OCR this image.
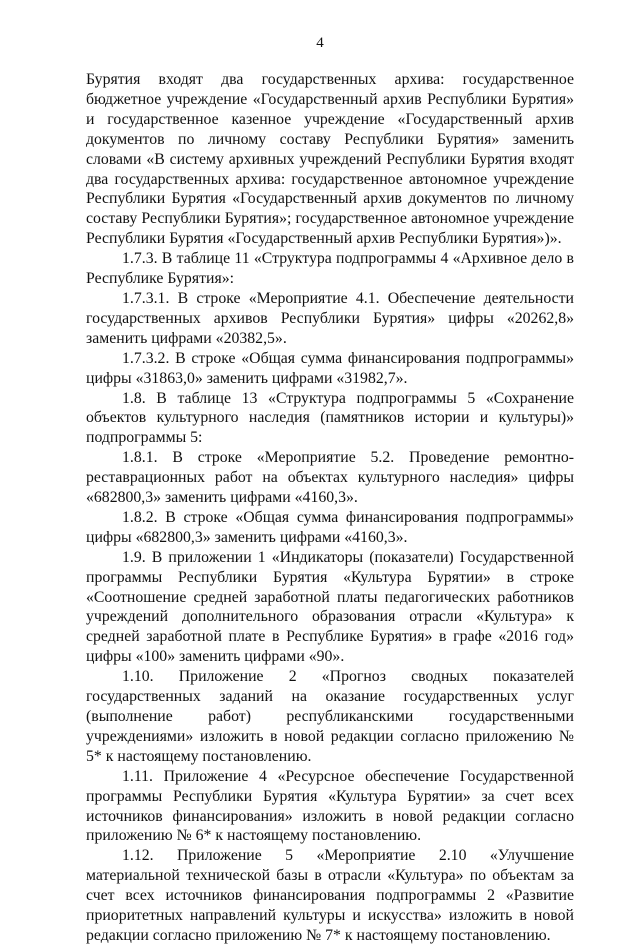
4

Бурятия входят два государственных архива: государственное бюджетное учреждение «Государственный архив Республики Бурятия» и государственное казенное учреждение «Государственный архив документов по личному составу Республики Бурятия» заменить словами «В систему архивных учреждений Республики Бурятия входят два государственных архива: государственное автономное учреждение Республики Бурятия «Государственный архив документов по личному составу Республики Бурятия»; государственное автономное учреждение Республики Бурятия «Государственный архив Республики Бурятия»)».

1.7.3. В таблице 11 «Структура подпрограммы 4 «Архивное дело в Республике Бурятия»:

1.7.3.1. В строке «Мероприятие 4.1. Обеспечение деятельности государственных архивов Республики Бурятия» цифры «20262,8» заменить цифрами «20382,5».

1.7.3.2. В строке «Общая сумма финансирования подпрограммы» цифры «31863,0» заменить цифрами «31982,7».

1.8. В таблице 13 «Структура подпрограммы 5 «Сохранение объектов культурного наследия (памятников истории и культуры)» подпрограммы 5:

1.8.1. В строке «Мероприятие 5.2. Проведение ремонтно-реставрационных работ на объектах культурного наследия» цифры «682800,3» заменить цифрами «4160,3».

1.8.2. В строке «Общая сумма финансирования подпрограммы» цифры «682800,3» заменить цифрами «4160,3».

1.9. В приложении 1 «Индикаторы (показатели) Государственной программы Республики Бурятия «Культура Бурятии» в строке «Соотношение средней заработной платы педагогических работников учреждений дополнительного образования отрасли «Культура» к средней заработной плате в Республике Бурятия» в графе «2016 год» цифры «100» заменить цифрами «90».

1.10. Приложение 2 «Прогноз сводных показателей государственных заданий на оказание государственных услуг (выполнение работ) республиканскими государственными учреждениями» изложить в новой редакции согласно приложению № 5* к настоящему постановлению.

1.11. Приложение 4 «Ресурсное обеспечение Государственной программы Республики Бурятия «Культура Бурятии» за счет всех источников финансирования» изложить в новой редакции согласно приложению № 6* к настоящему постановлению.

1.12. Приложение 5 «Мероприятие 2.10 «Улучшение материальной технической базы в отрасли «Культура» по объектам за счет всех источников финансирования подпрограммы 2 «Развитие приоритетных направлений культуры и искусства» изложить в новой редакции согласно приложению № 7* к настоящему постановлению.
